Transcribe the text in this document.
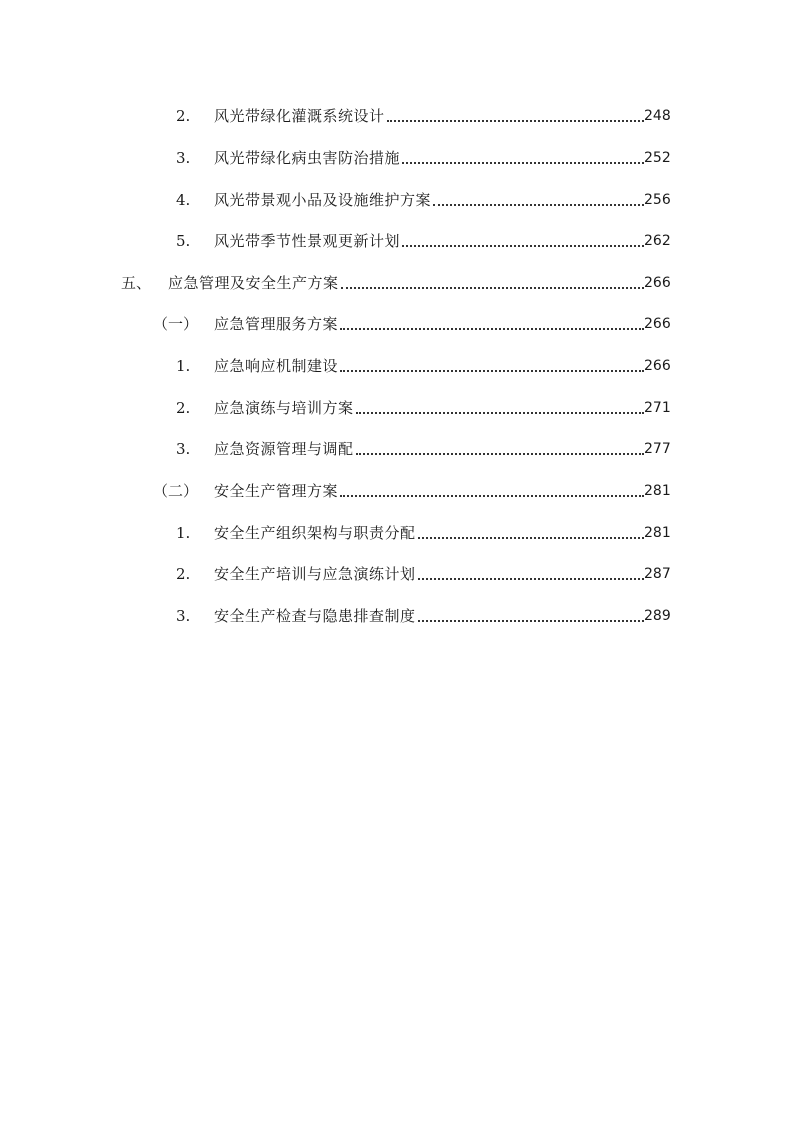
2. 风光带绿化灌溉系统设计	248
3. 风光带绿化病虫害防治措施	252
4. 风光带景观小品及设施维护方案	256
5. 风光带季节性景观更新计划	262
五、 应急管理及安全生产方案	266
（一） 应急管理服务方案	266
1. 应急响应机制建设	266
2. 应急演练与培训方案	271
3. 应急资源管理与调配	277
（二） 安全生产管理方案	281
1. 安全生产组织架构与职责分配	281
2. 安全生产培训与应急演练计划	287
3. 安全生产检查与隐患排查制度	289
